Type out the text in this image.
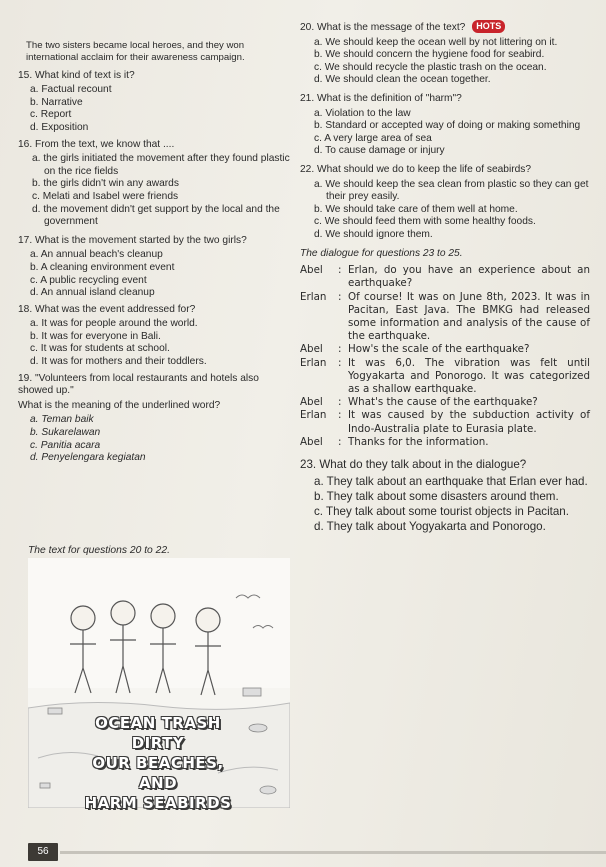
The two sisters became local heroes, and they won international acclaim for their awareness campaign.

15. What kind of text is it?

a. Factual recount

b. Narrative

c. Report

d. Exposition

16. From the text, we know that ....

a. the girls initiated the movement after they found plastic on the rice fields

b. the girls didn't win any awards

c. Melati and Isabel were friends

d. the movement didn't get support by the local and the government

17. What is the movement started by the two girls?

a. An annual beach's cleanup

b. A cleaning environment event

c. A public recycling event

d. An annual island cleanup

18. What was the event addressed for?

a. It was for people around the world.

b. It was for everyone in Bali.

c. It was for students at school.

d. It was for mothers and their toddlers.

19. "Volunteers from local restaurants and hotels also showed up."

What is the meaning of the underlined word?

a. Teman baik

b. Sukarelawan

c. Panitia acara

d. Penyelengara kegiatan

The text for questions 20 to 22.
OCEAN TRASH DIRTY
OUR BEACHES, AND
HARM SEABIRDS

20. What is the message of the text? HOTS

a. We should keep the ocean well by not littering on it.

b. We should concern the hygiene food for seabird.

c. We should recycle the plastic trash on the ocean.

d. We should clean the ocean together.

21. What is the definition of "harm"?

a. Violation to the law

b. Standard or accepted way of doing or making something

c. A very large area of sea

d. To cause damage or injury

22. What should we do to keep the life of seabirds?

a. We should keep the sea clean from plastic so they can get their prey easily.

b. We should take care of them well at home.

c. We should feed them with some healthy foods.

d. We should ignore them.

The dialogue for questions 23 to 25.

Abel	: Erlan, do you have an experience about an earthquake?
Erlan	: Of course! It was on June 8th, 2023. It was in Pacitan, East Java. The BMKG had released some information and analysis of the cause of the earthquake.
Abel	: How's the scale of the earthquake?
Erlan	: It was 6,0. The vibration was felt until Yogyakarta and Ponorogo. It was categorized as a shallow earthquake.
Abel	: What's the cause of the earthquake?
Erlan	: It was caused by the subduction activity of Indo-Australia plate to Eurasia plate.
Abel	: Thanks for the information.

23. What do they talk about in the dialogue?

a. They talk about an earthquake that Erlan ever had.

b. They talk about some disasters around them.

c. They talk about some tourist objects in Pacitan.

d. They talk about Yogyakarta and Ponorogo.

56
